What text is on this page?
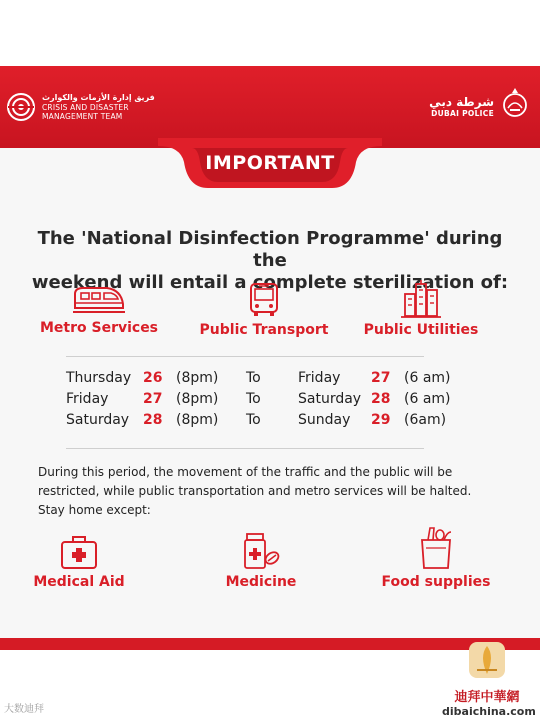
فريق إدارة الأزمات والكوارث
CRISIS AND DISASTER
MANAGEMENT TEAM
شرطة دبي
DUBAI POLICE
IMPORTANT
The 'National Disinfection Programme' during the
weekend will entail a complete sterilization of:
Metro Services	Public Transport	Public Utilities
Thursday 26 (8pm) To	Friday 27 (6 am)
Friday 27 (8pm) To	Saturday 28 (6 am)
Saturday 28 (8pm) To	Sunday 29 (6am)
During this period, the movement of the traffic and the public will be
restricted, while public transportation and metro services will be halted.
Stay home except:
Medical Aid	Medicine	Food supplies
大数迪拜
迪拜中華網
dibaichina.com
